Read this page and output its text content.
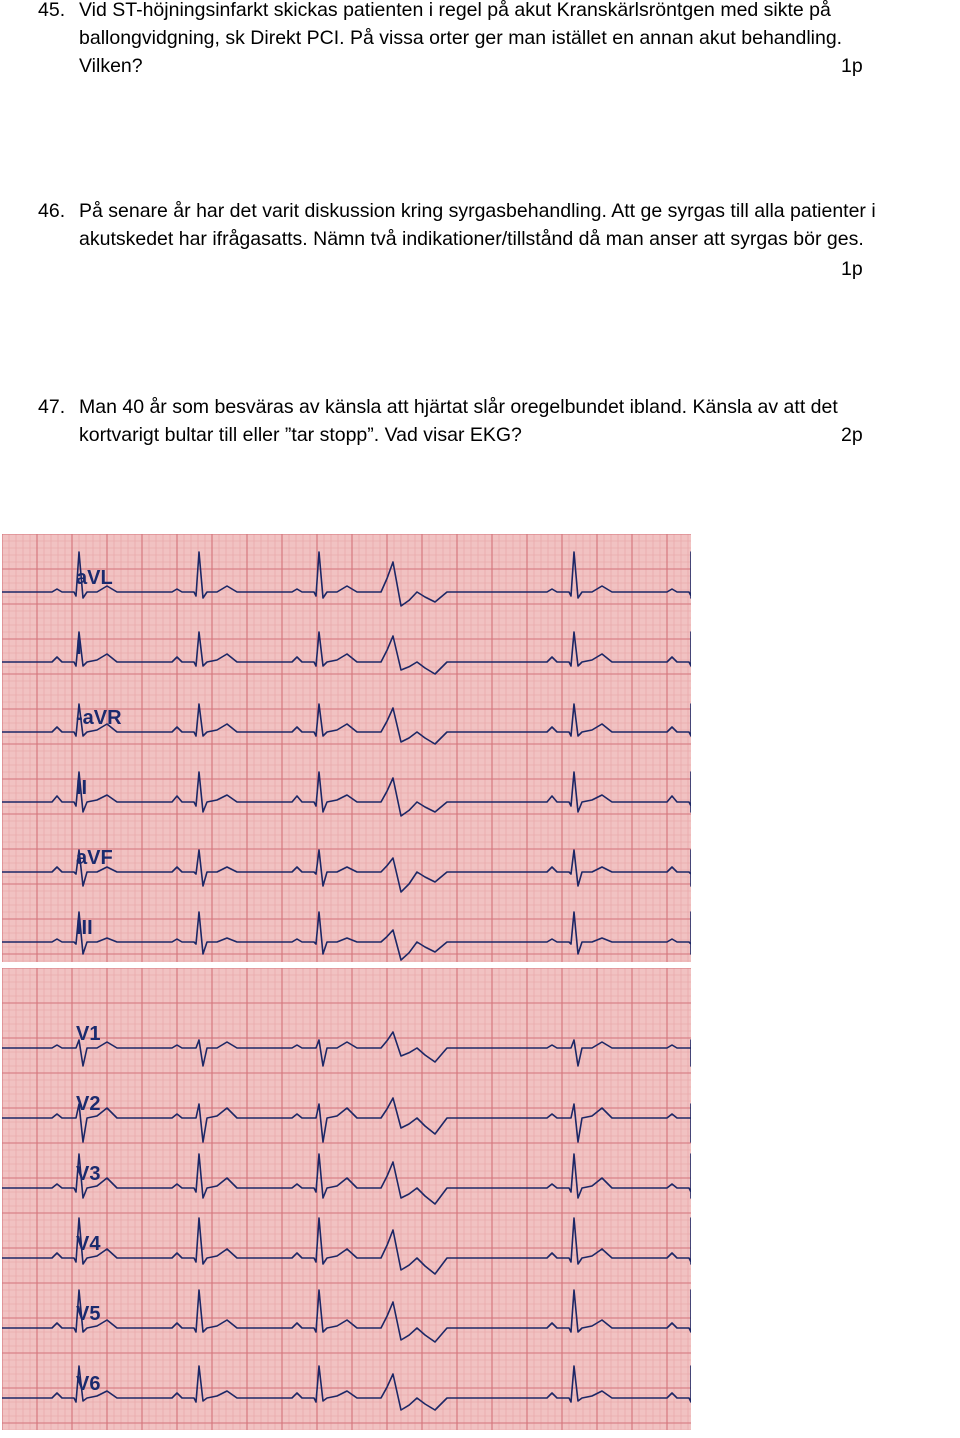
45. Vid ST-höjningsinfarkt skickas patienten i regel på akut Kranskärlsröntgen med sikte på
ballongvidgning, sk Direkt PCI. På vissa orter ger man istället en annan akut behandling.
Vilken?	1p
46. På senare år har det varit diskussion kring syrgasbehandling. Att ge syrgas till alla patienter i
akutskedet har ifrågasatts. Nämn två indikationer/tillstånd då man anser att syrgas bör ges.
1p
47. Man 40 år som besväras av känsla att hjärtat slår oregelbundet ibland. Känsla av att det
kortvarigt bultar till eller ”tar stopp”. Vad visar EKG?	2p
aVL
I
-aVR
II
aVF
III
V1
V2
V3
V4
V5
V6
